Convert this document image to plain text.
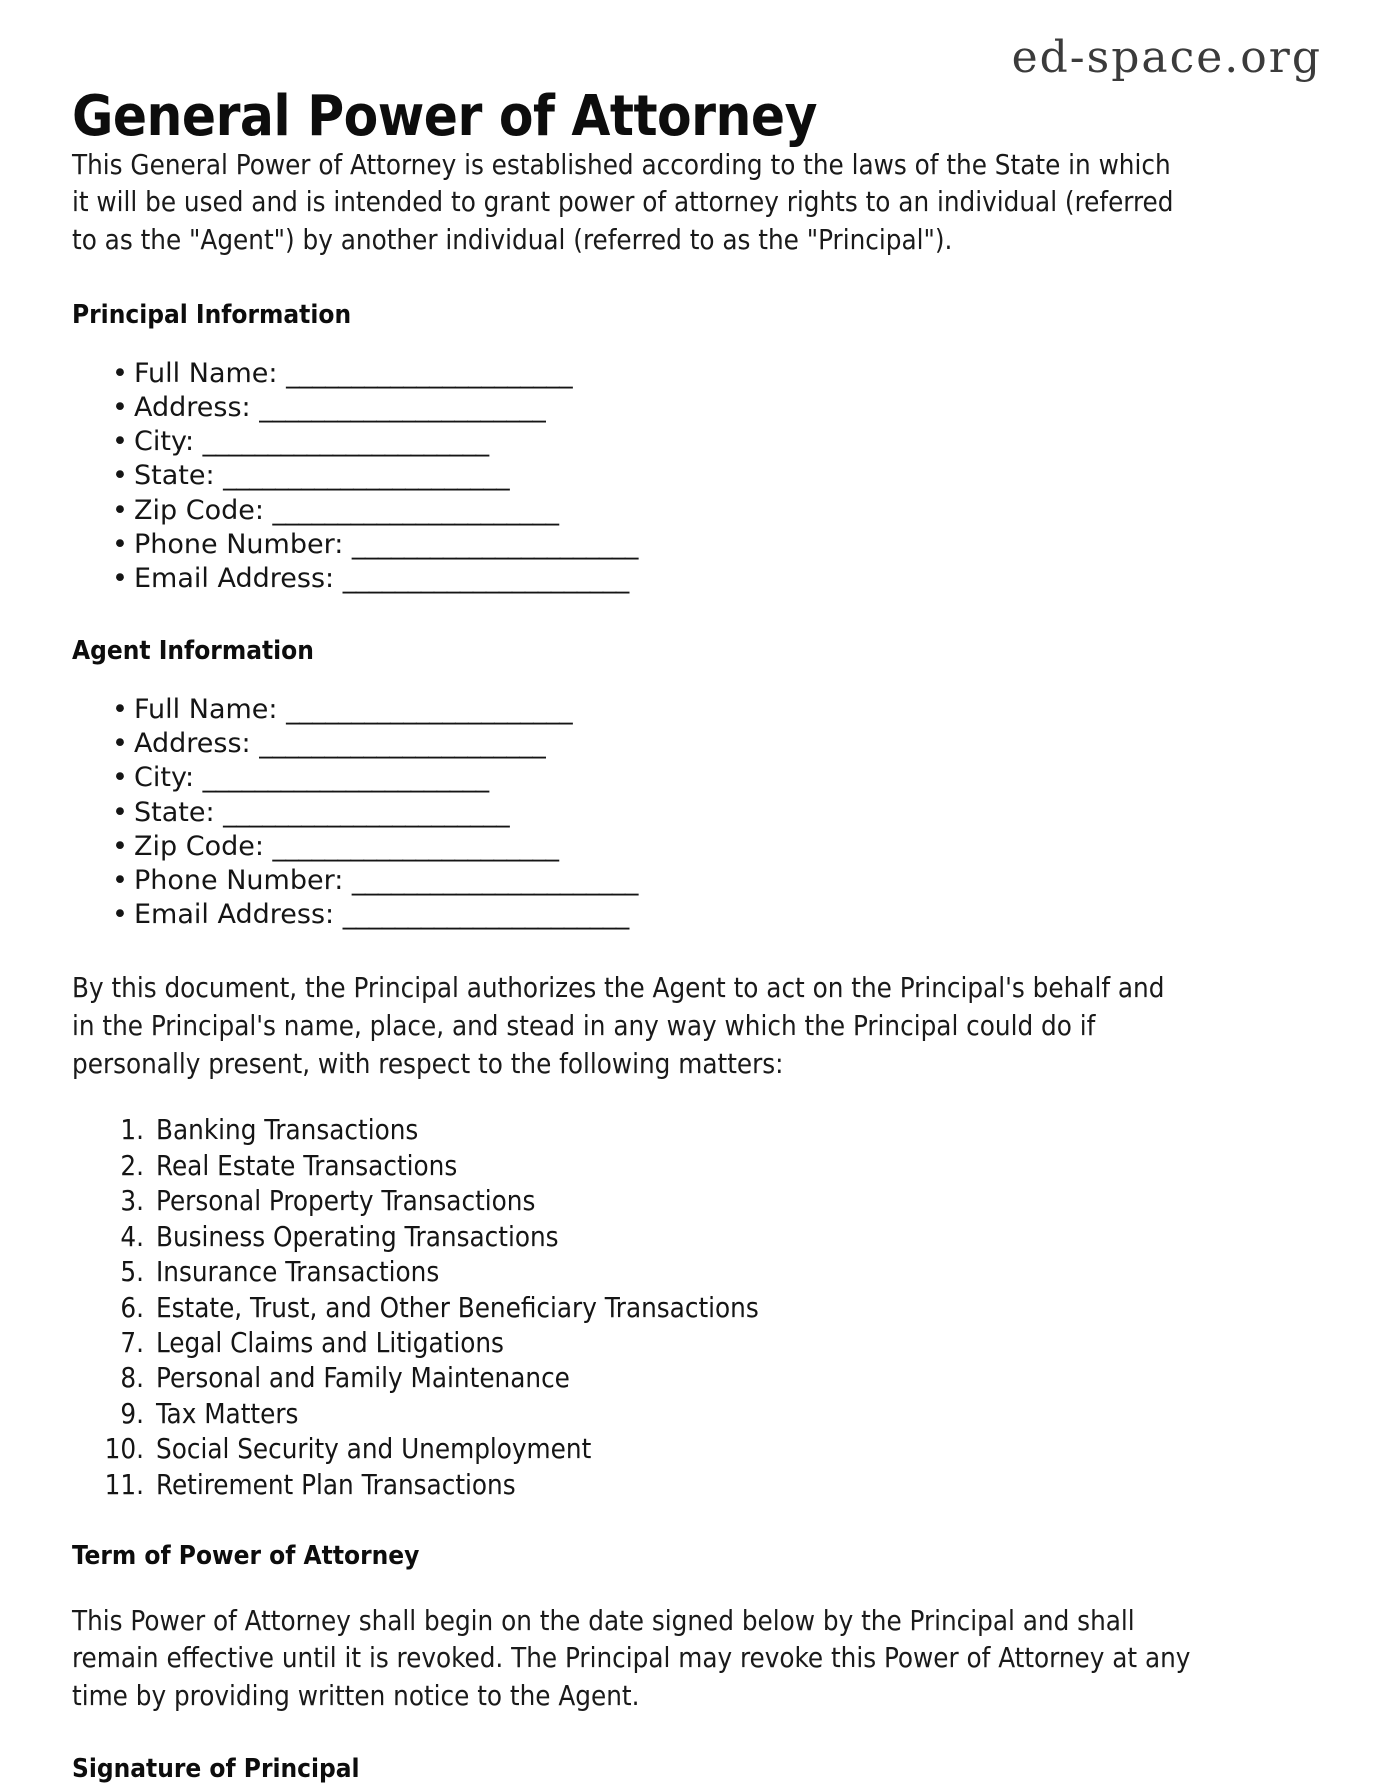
ed-space.org
General Power of Attorney

This General Power of Attorney is established according to the laws of the State in which it will be used and is intended to grant power of attorney rights to an individual (referred to as the "Agent") by another individual (referred to as the "Principal").

Principal Information
• Full Name: ______________________
• Address: ______________________
• City: ______________________
• State: ______________________
• Zip Code: ______________________
• Phone Number: ______________________
• Email Address: ______________________
Agent Information
• Full Name: ______________________
• Address: ______________________
• City: ______________________
• State: ______________________
• Zip Code: ______________________
• Phone Number: ______________________
• Email Address: ______________________

By this document, the Principal authorizes the Agent to act on the Principal's behalf and in the Principal's name, place, and stead in any way which the Principal could do if personally present, with respect to the following matters:

1. Banking Transactions
2. Real Estate Transactions
3. Personal Property Transactions
4. Business Operating Transactions
5. Insurance Transactions
6. Estate, Trust, and Other Beneficiary Transactions
7. Legal Claims and Litigations
8. Personal and Family Maintenance
9. Tax Matters
10. Social Security and Unemployment
11. Retirement Plan Transactions
Term of Power of Attorney

This Power of Attorney shall begin on the date signed below by the Principal and shall remain effective until it is revoked. The Principal may revoke this Power of Attorney at any time by providing written notice to the Agent.

Signature of Principal
